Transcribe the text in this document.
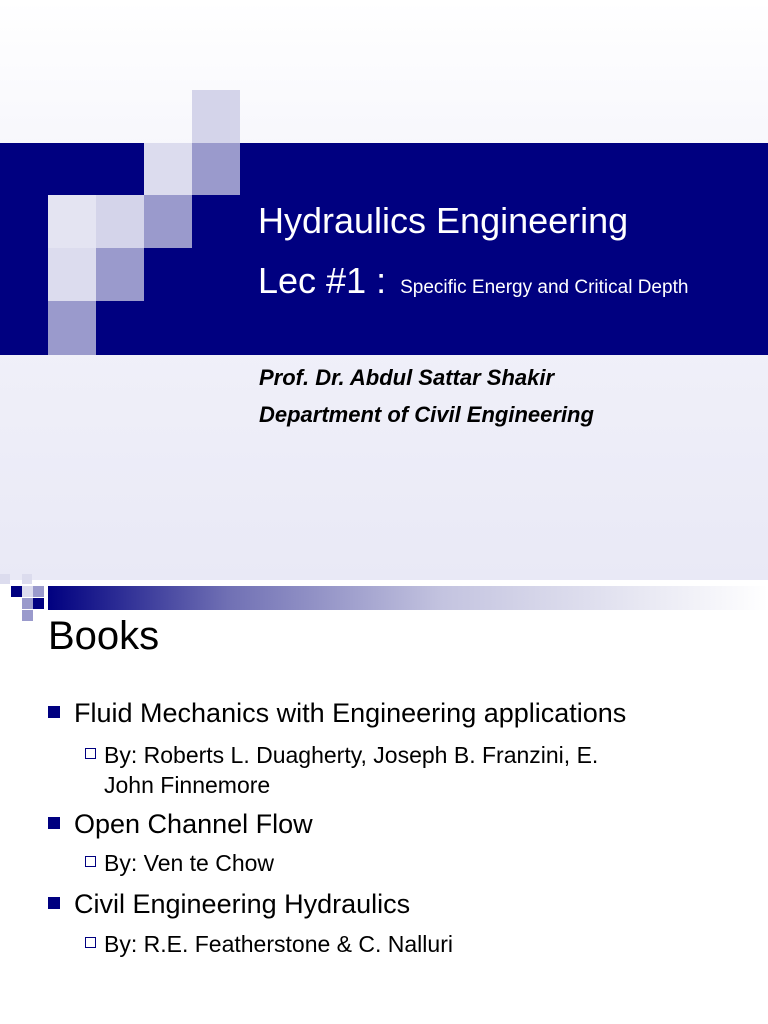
Hydraulics Engineering
Lec #1 : Specific Energy and Critical Depth
Prof. Dr. Abdul Sattar Shakir
Department of Civil Engineering
Books
Fluid Mechanics with Engineering applications
By: Roberts L. Duagherty, Joseph B. Franzini, E.
John Finnemore
Open Channel Flow
By: Ven te Chow
Civil Engineering Hydraulics
By: R.E. Featherstone & C. Nalluri
